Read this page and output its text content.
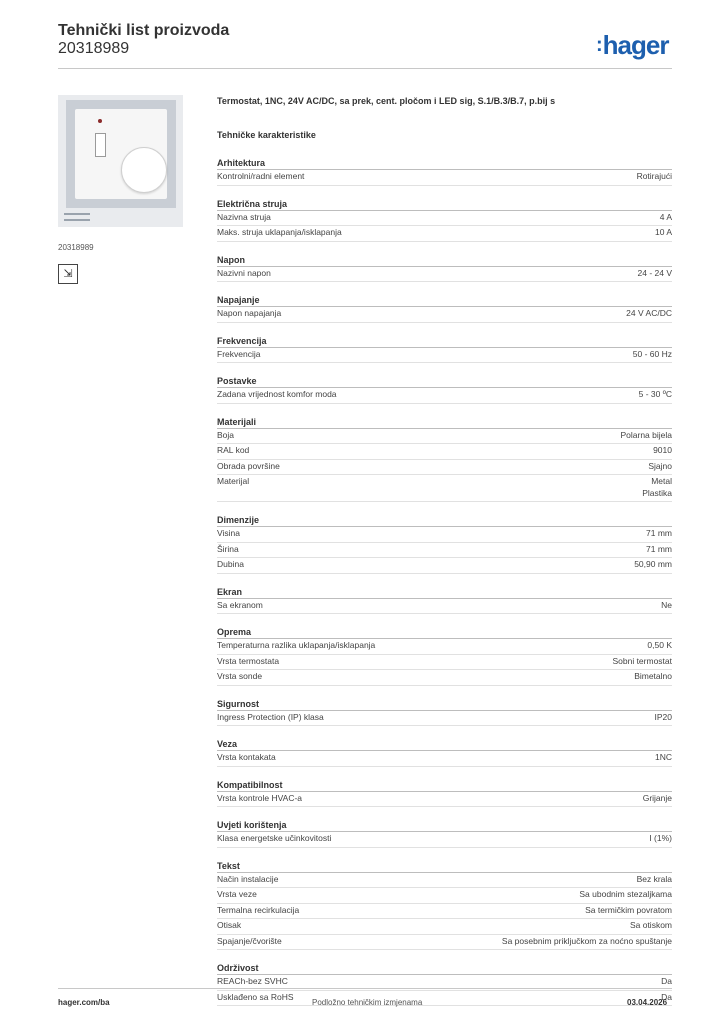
Tehnički list proizvoda
20318989	:hager
20318989
⇲
Termostat, 1NC, 24V AC/DC, sa prek, cent. pločom i LED sig, S.1/B.3/B.7, p.bij s
Tehničke karakteristike
Arhitektura
Kontrolni/radni element	Rotirajući
Električna struja
Nazivna struja	4 A
Maks. struja uklapanja/isklapanja	10 A
Napon
Nazivni napon	24 - 24 V
Napajanje
Napon napajanja	24 V AC/DC
Frekvencija
Frekvencija	50 - 60 Hz
Postavke
Zadana vrijednost komfor moda	5 - 30 ºC
Materijali
Boja	Polarna bijela
RAL kod	9010
Obrada površine	Sjajno
Materijal	Metal
Plastika
Dimenzije
Visina	71 mm
Širina	71 mm
Dubina	50,90 mm
Ekran
Sa ekranom	Ne
Oprema
Temperaturna razlika uklapanja/isklapanja	0,50 K
Vrsta termostata	Sobni termostat
Vrsta sonde	Bimetalno
Sigurnost
Ingress Protection (IP) klasa	IP20
Veza
Vrsta kontakata	1NC
Kompatibilnost
Vrsta kontrole HVAC-a	Grijanje
Uvjeti korištenja
Klasa energetske učinkovitosti	I (1%)
Tekst
Način instalacije	Bez krala
Vrsta veze	Sa ubodnim stezaljkama
Termalna recirkulacija	Sa termičkim povratom
Otisak	Sa otiskom
Spajanje/čvorište	Sa posebnim priključkom za noćno spuštanje
Održivost
REACh-bez SVHC	Da
Usklađeno sa RoHS	Da
hager.com/ba	Podložno tehničkim izmjenama	03.04.2026
